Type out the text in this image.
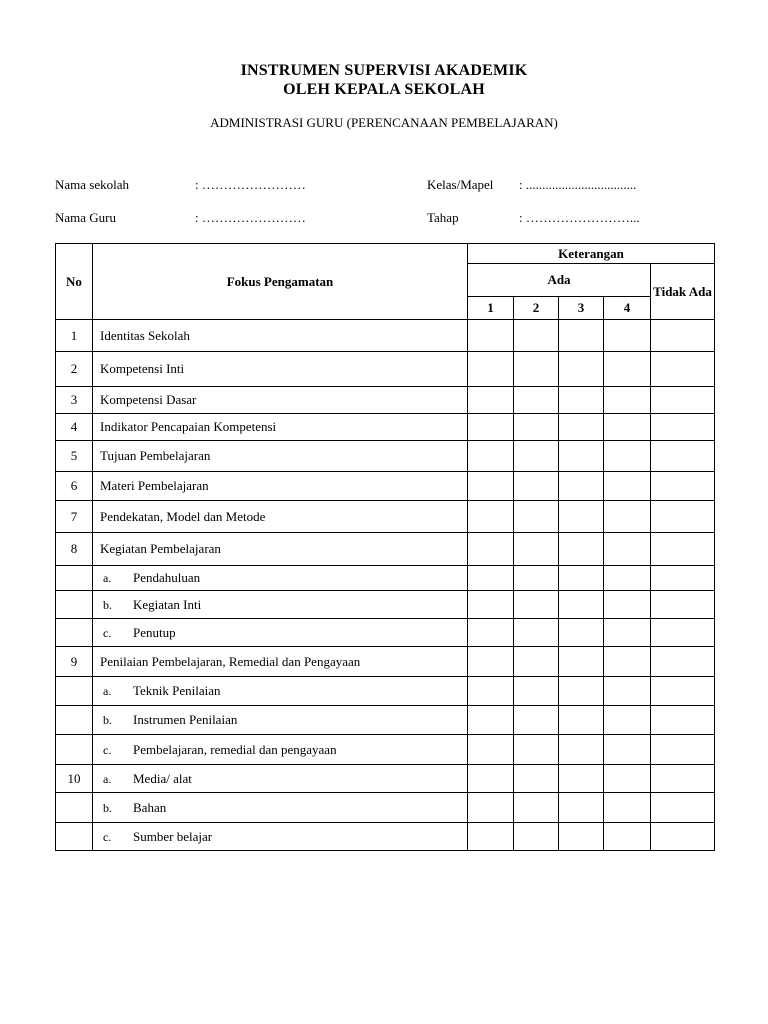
INSTRUMEN SUPERVISI AKADEMIK
OLEH KEPALA SEKOLAH
ADMINISTRASI GURU (PERENCANAAN PEMBELAJARAN)
Nama sekolah	: ……………………	Kelas/Mapel : ..................................
Nama Guru	: ……………………	Tahap	: ……………………...
No	Fokus Pengamatan	Keterangan				
		Ada				Tidak Ada
		1	2	3	4	
1	Identitas Sekolah					
2	Kompetensi Inti					
3	Kompetensi Dasar					
4	Indikator Pencapaian Kompetensi					
5	Tujuan Pembelajaran					
6	Materi Pembelajaran					
7	Pendekatan, Model dan Metode					
8	Kegiatan Pembelajaran					
	a. Pendahuluan					
	b. Kegiatan Inti					
	c. Penutup					
9	Penilaian Pembelajaran, Remedial dan Pengayaan					
	a. Teknik Penilaian					
	b. Instrumen Penilaian					
	c. Pembelajaran, remedial dan pengayaan					
10	a. Media/ alat					
	b. Bahan					
	c. Sumber belajar					
